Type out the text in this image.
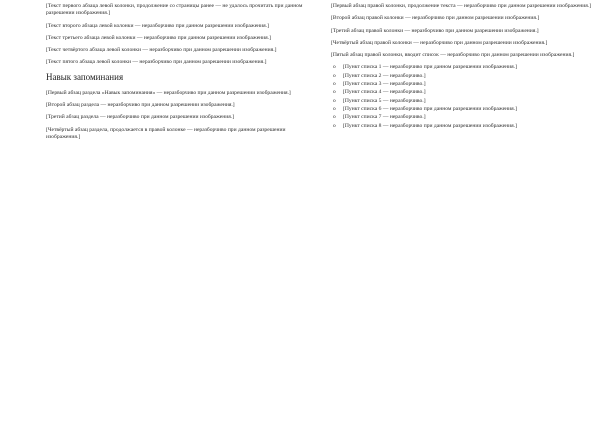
[Текст первого абзаца левой колонки, продолжение со страницы ранее — не удалось прочитать при данном разрешении изображения.]

[Текст второго абзаца левой колонки — неразборчиво при данном разрешении изображения.]

[Текст третьего абзаца левой колонки — неразборчиво при данном разрешении изображения.]

[Текст четвёртого абзаца левой колонки — неразборчиво при данном разрешении изображения.]

[Текст пятого абзаца левой колонки — неразборчиво при данном разрешении изображения.]

Навык запоминания

[Первый абзац раздела «Навык запоминания» — неразборчиво при данном разрешении изображения.]

[Второй абзац раздела — неразборчиво при данном разрешении изображения.]

[Третий абзац раздела — неразборчиво при данном разрешении изображения.]

[Четвёртый абзац раздела, продолжается в правой колонке — неразборчиво при данном разрешении изображения.]

[Первый абзац правой колонки, продолжение текста — неразборчиво при данном разрешении изображения.]

[Второй абзац правой колонки — неразборчиво при данном разрешении изображения.]

[Третий абзац правой колонки — неразборчиво при данном разрешении изображения.]

[Четвёртый абзац правой колонки — неразборчиво при данном разрешении изображения.]

[Пятый абзац правой колонки, вводит список — неразборчиво при данном разрешении изображения.]

o [Пункт списка 1 — неразборчиво при данном разрешении изображения.]
o [Пункт списка 2 — неразборчиво.]
o [Пункт списка 3 — неразборчиво.]
o [Пункт списка 4 — неразборчиво.]
o [Пункт списка 5 — неразборчиво.]
o [Пункт списка 6 — неразборчиво при данном разрешении изображения.]
o [Пункт списка 7 — неразборчиво.]
o [Пункт списка 8 — неразборчиво при данном разрешении изображения.]
